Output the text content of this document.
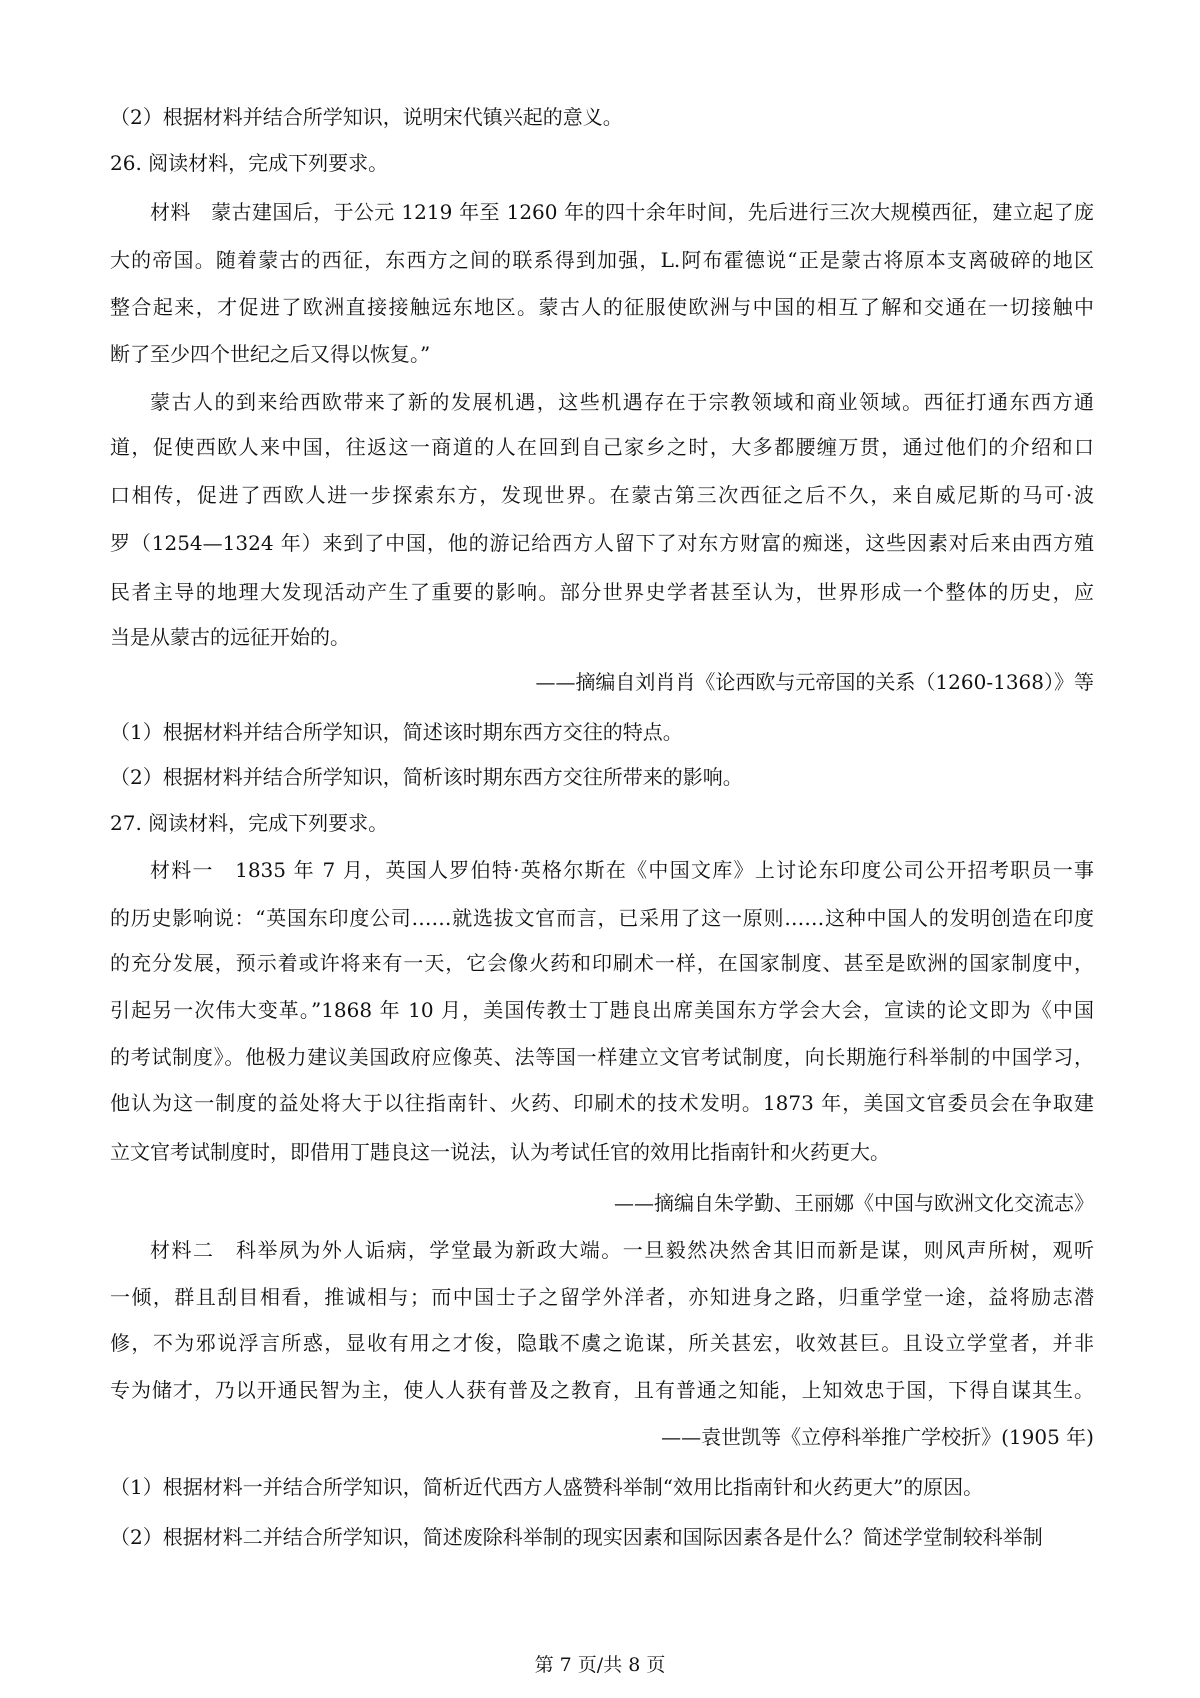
（2）根据材料并结合所学知识，说明宋代镇兴起的意义。
26. 阅读材料，完成下列要求。
材料　蒙古建国后，于公元 1219 年至 1260 年的四十余年时间，先后进行三次大规模西征，建立起了庞
大的帝国。随着蒙古的西征，东西方之间的联系得到加强，L.阿布霍德说“正是蒙古将原本支离破碎的地区
整合起来，才促进了欧洲直接接触远东地区。蒙古人的征服使欧洲与中国的相互了解和交通在一切接触中
断了至少四个世纪之后又得以恢复。”
蒙古人的到来给西欧带来了新的发展机遇，这些机遇存在于宗教领域和商业领域。西征打通东西方通
道，促使西欧人来中国，往返这一商道的人在回到自己家乡之时，大多都腰缠万贯，通过他们的介绍和口
口相传，促进了西欧人进一步探索东方，发现世界。在蒙古第三次西征之后不久，来自威尼斯的马可·波
罗（1254—1324 年）来到了中国，他的游记给西方人留下了对东方财富的痴迷，这些因素对后来由西方殖
民者主导的地理大发现活动产生了重要的影响。部分世界史学者甚至认为，世界形成一个整体的历史，应
当是从蒙古的远征开始的。
——摘编自刘肖肖《论西欧与元帝国的关系（1260-1368）》等
（1）根据材料并结合所学知识，简述该时期东西方交往的特点。
（2）根据材料并结合所学知识，简析该时期东西方交往所带来的影响。
27. 阅读材料，完成下列要求。
材料一　1835 年 7 月，英国人罗伯特·英格尔斯在《中国文库》上讨论东印度公司公开招考职员一事
的历史影响说：“英国东印度公司……就选拔文官而言，已采用了这一原则……这种中国人的发明创造在印度
的充分发展，预示着或许将来有一天，它会像火药和印刷术一样，在国家制度、甚至是欧洲的国家制度中，
引起另一次伟大变革。”1868 年 10 月，美国传教士丁韪良出席美国东方学会大会，宣读的论文即为《中国
的考试制度》。他极力建议美国政府应像英、法等国一样建立文官考试制度，向长期施行科举制的中国学习，
他认为这一制度的益处将大于以往指南针、火药、印刷术的技术发明。1873 年，美国文官委员会在争取建
立文官考试制度时，即借用丁韪良这一说法，认为考试任官的效用比指南针和火药更大。
——摘编自朱学勤、王丽娜《中国与欧洲文化交流志》
材料二　科举夙为外人诟病，学堂最为新政大端。一旦毅然决然舍其旧而新是谋，则风声所树，观听
一倾，群且刮目相看，推诚相与；而中国士子之留学外洋者，亦知进身之路，归重学堂一途，益将励志潜
修，不为邪说浮言所惑，显收有用之才俊，隐戢不虞之诡谋，所关甚宏，收效甚巨。且设立学堂者，并非
专为储才，乃以开通民智为主，使人人获有普及之教育，且有普通之知能，上知效忠于国，下得自谋其生。
——袁世凯等《立停科举推广学校折》(1905 年)
（1）根据材料一并结合所学知识，简析近代西方人盛赞科举制“效用比指南针和火药更大”的原因。
（2）根据材料二并结合所学知识，简述废除科举制的现实因素和国际因素各是什么？简述学堂制较科举制
第 7 页/共 8 页
